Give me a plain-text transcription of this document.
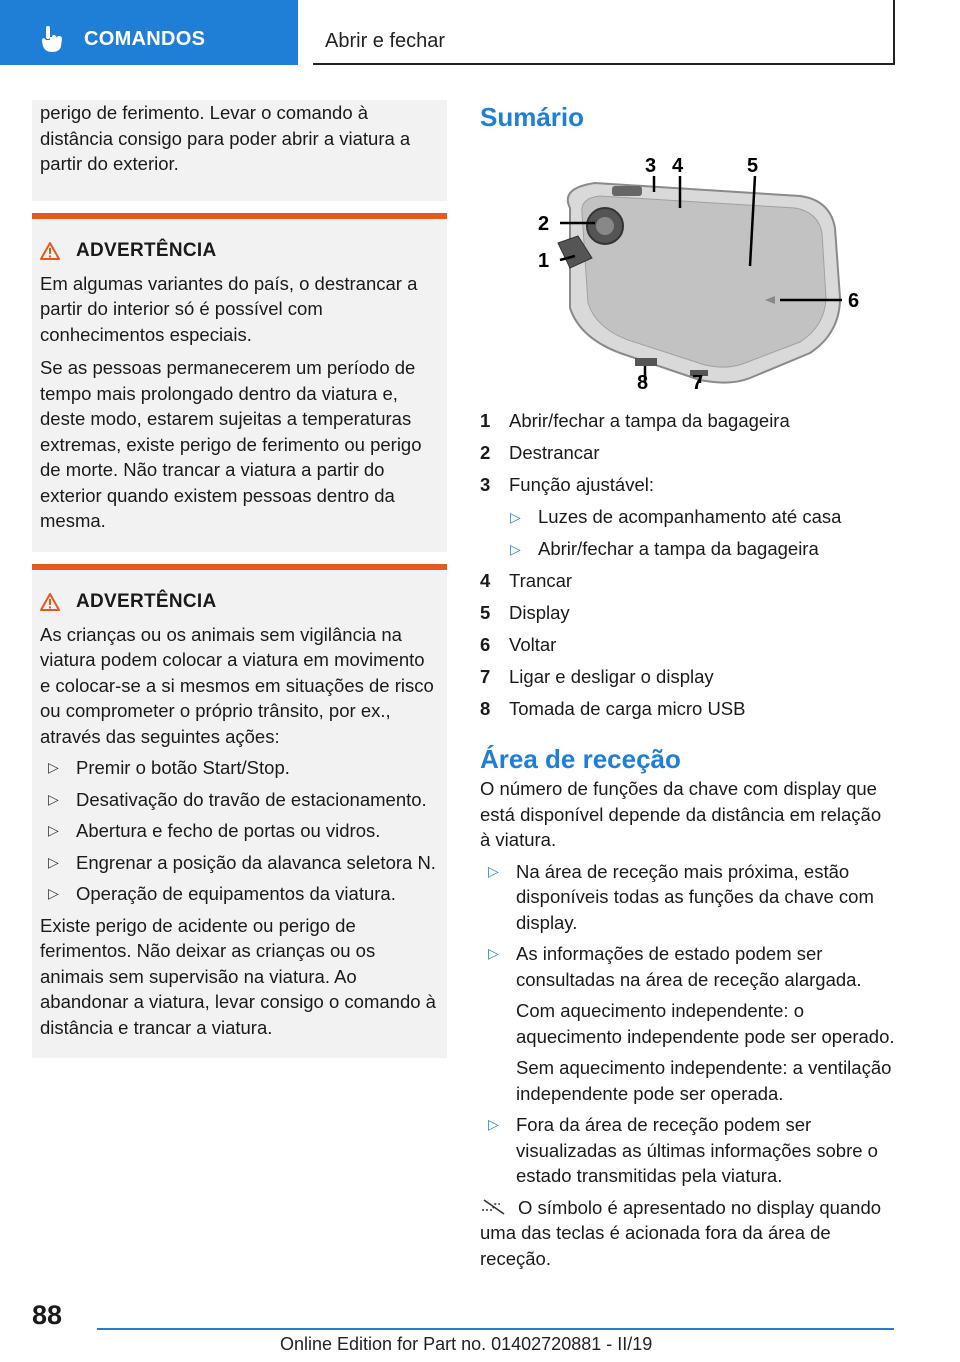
COMANDOS	Abrir e fechar

perigo de ferimento. Levar o comando à distância consigo para poder abrir a viatura a partir do exterior.

ADVERTÊNCIA

Em algumas variantes do país, o destrancar a partir do interior só é possível com conhecimentos especiais.

Se as pessoas permanecerem um período de tempo mais prolongado dentro da viatura e, deste modo, estarem sujeitas a temperaturas extremas, existe perigo de ferimento ou perigo de morte. Não trancar a viatura a partir do exterior quando existem pessoas dentro da mesma.

ADVERTÊNCIA

As crianças ou os animais sem vigilância na viatura podem colocar a viatura em movimento e colocar-se a si mesmos em situações de risco ou comprometer o próprio trânsito, por ex., através das seguintes ações:

▷ Premir o botão Start/Stop.
▷ Desativação do travão de estacionamento.
▷ Abertura e fecho de portas ou vidros.
▷ Engrenar a posição da alavanca seletora N.
▷ Operação de equipamentos da viatura.

Existe perigo de acidente ou perigo de ferimentos. Não deixar as crianças ou os animais sem supervisão na viatura. Ao abandonar a viatura, levar consigo o comando à distância e trancar a viatura.

Sumário
3 4	5
2
1
6
7
8
1 Abrir/fechar a tampa da bagageira
2 Destrancar
3 Função ajustável:
▷ Luzes de acompanhamento até casa
▷ Abrir/fechar a tampa da bagageira
4 Trancar
5 Display
6 Voltar
7 Ligar e desligar o display
8 Tomada de carga micro USB
Área de receção

O número de funções da chave com display que está disponível depende da distância em relação à viatura.

▷ Na área de receção mais próxima, estão disponíveis todas as funções da chave com display.
▷ As informações de estado podem ser consultadas na área de receção alargada.
Com aquecimento independente: o aquecimento independente pode ser operado.
Sem aquecimento independente: a ventilação independente pode ser operada.
▷ Fora da área de receção podem ser visualizadas as últimas informações sobre o estado transmitidas pela viatura.

O símbolo é apresentado no display quando uma das teclas é acionada fora da área de receção.

88
Online Edition for Part no. 01402720881 - II/19
